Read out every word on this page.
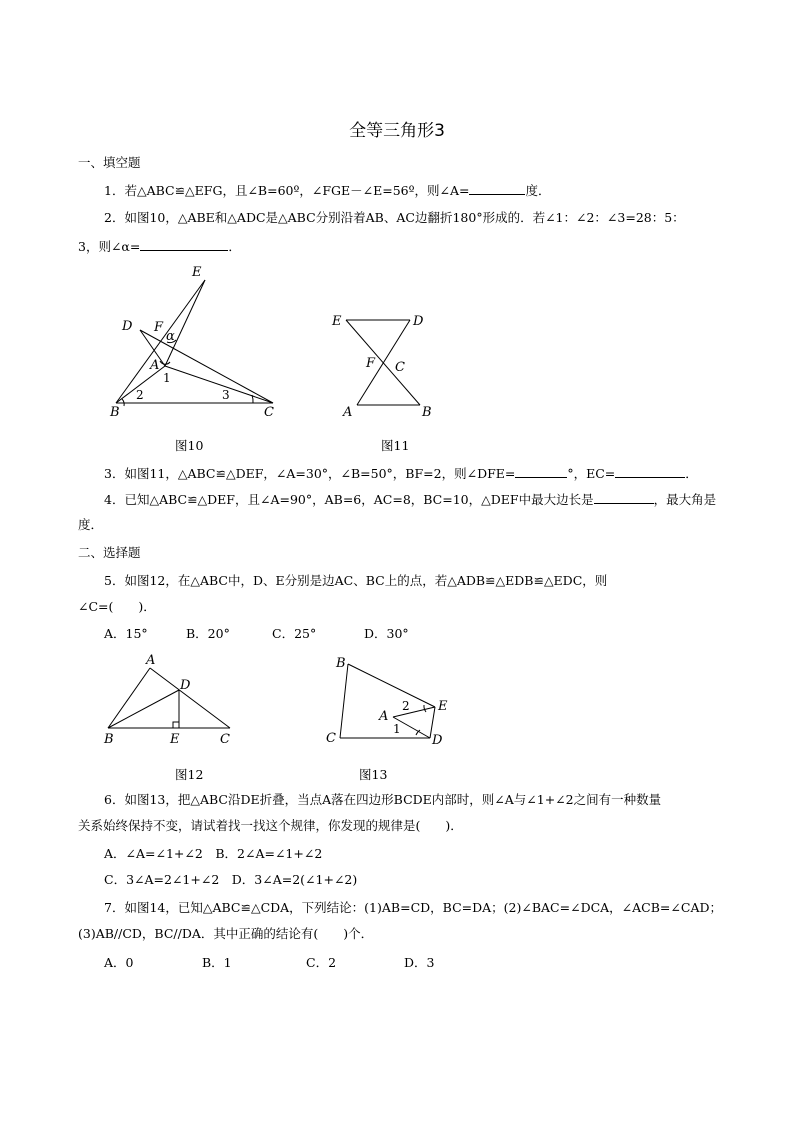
全等三角形3
一、填空题
1．若△ABC≌△EFG，且∠B=60º，∠FGE－∠E=56º，则∠A=	度．
2．如图10，△ABE和△ADC是△ABC分别沿着AB、AC边翻折180°形成的．若∠1：∠2：∠3=28：5：
3，则∠α=	．
E
D F
α
A
1
2	3
B	C
图10
E	D
F C
A	B
图11
3．如图11，△ABC≌△DEF，∠A=30°，∠B=50°，BF=2，则∠DFE=	°，EC=	．
4．已知△ABC≌△DEF，且∠A=90°，AB=6，AC=8，BC=10，△DEF中最大边长是	，最大角是
度．
二、选择题
5．如图12，在△ABC中，D、E分别是边AC、BC上的点，若△ADB≌△EDB≌△EDC，则
∠C=(　　)．
A．15°	B．20°	C．25°	D．30°
A
D
B	E	C
图12
B
E
A
2
1
C	D
图13
6．如图13，把△ABC沿DE折叠，当点A落在四边形BCDE内部时，则∠A与∠1+∠2之间有一种数量
关系始终保持不变，请试着找一找这个规律，你发现的规律是(　　)．
A．∠A=∠1+∠2　B．2∠A=∠1+∠2
C．3∠A=2∠1+∠2　D．3∠A=2(∠1+∠2)
7．如图14，已知△ABC≌△CDA，下列结论：(1)AB=CD，BC=DA；(2)∠BAC=∠DCA，∠ACB=∠CAD；
(3)AB//CD，BC//DA．其中正确的结论有(　　)个．
A．0	B．1	C．2	D．3
